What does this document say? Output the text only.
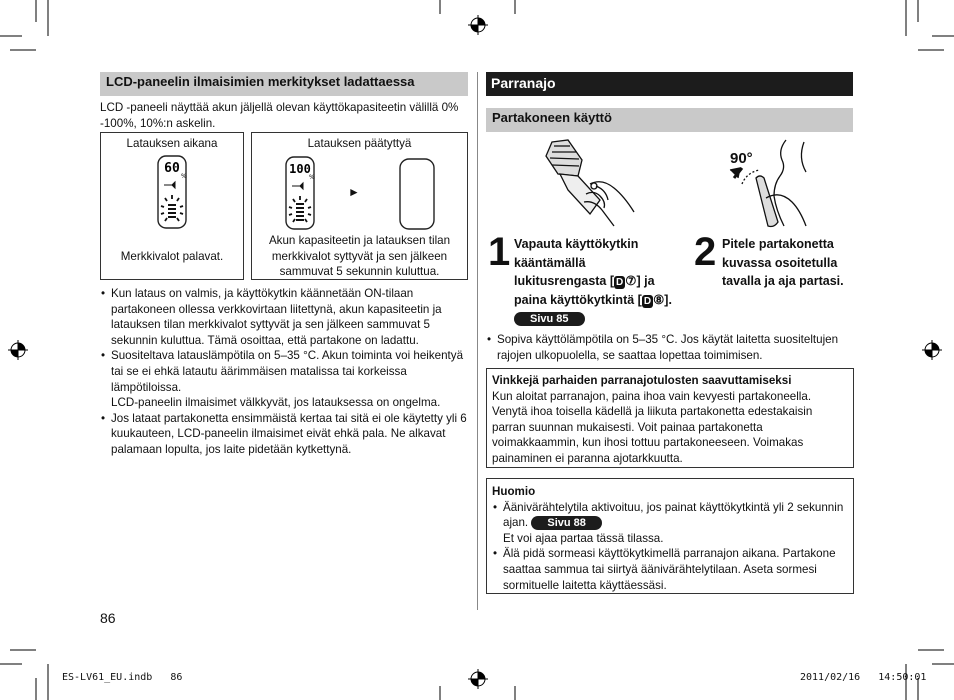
LCD-paneelin ilmaisimien merkitykset ladattaessa
LCD -paneeli näyttää akun jäljellä olevan käyttökapasiteetin välillä 0% -100%, 10%:n askelin.
Latauksen aikana
60
%
Merkkivalot palavat.
Latauksen päätyttyä
100
%
►
Akun kapasiteetin ja latauksen tilan merkkivalot syttyvät ja sen jälkeen sammuvat 5 sekunnin kuluttua.
• Kun lataus on valmis, ja käyttökytkin käännetään ON-tilaan partakoneen ollessa verkkovirtaan liitettynä, akun kapasiteetin ja latauksen tilan merkkivalot syttyvät ja sen jälkeen sammuvat 5 sekunnin kuluttua. Tämä osoittaa, että partakone on ladattu.
• Suositeltava latauslämpötila on 5–35 °C. Akun toiminta voi heikentyä tai se ei ehkä latautu äärimmäisen matalissa tai korkeissa lämpötiloissa.
LCD-paneelin ilmaisimet välkkyvät, jos latauksessa on ongelma.
• Jos lataat partakonetta ensimmäistä kertaa tai sitä ei ole käytetty yli 6 kuukauteen, LCD-paneelin ilmaisimet eivät ehkä pala. Ne alkavat palamaan lopulta, jos laite pidetään kytkettynä.
86
Parranajo
Partakoneen käyttö
90°
1 Vapauta käyttökytkin
kääntämällä
lukitusrengasta [ D ⑦] ja
paina käyttökytkintä [ D ⑧].
Sivu 85
2 Pitele partakonetta kuvassa osoitetulla tavalla ja aja partasi.
• Sopiva käyttölämpötila on 5–35 °C. Jos käytät laitetta suositeltujen rajojen ulkopuolella, se saattaa lopettaa toimimisen.
Vinkkejä parhaiden parranajotulosten saavuttamiseksi
Kun aloitat parranajon, paina ihoa vain kevyesti partakoneella. Venytä ihoa toisella kädellä ja liikuta partakonetta edestakaisin parran suunnan mukaisesti. Voit painaa partakonetta voimakkaammin, kun ihosi tottuu partakoneeseen. Voimakas painaminen ei paranna ajotarkkuutta.
Huomio
• Äänivärähtelytila aktivoituu, jos painat käyttökytkintä yli 2 sekunnin ajan. Sivu 88
Et voi ajaa partaa tässä tilassa.
• Älä pidä sormeasi käyttökytkimellä parranajon aikana. Partakone saattaa sammua tai siirtyä äänivärähtelytilaan. Aseta sormesi sormituelle laitetta käyttäessäsi.
ES-LV61_EU.indb   86	2011/02/16   14:50:01
